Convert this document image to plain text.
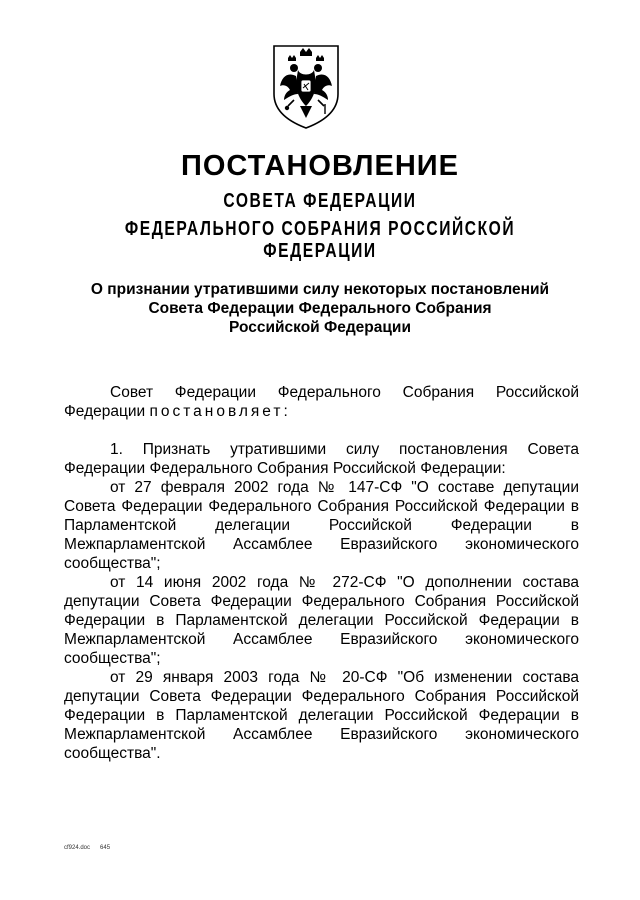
ПОСТАНОВЛЕНИЕ
СОВЕТА ФЕДЕРАЦИИ
ФЕДЕРАЛЬНОГО СОБРАНИЯ РОССИЙСКОЙ ФЕДЕРАЦИИ
О признании утратившими силу некоторых постановлений
Совета Федерации Федерального Собрания
Российской Федерации

Совет Федерации Федерального Собрания Российской Федерации постановляет:

1. Признать утратившими силу постановления Совета Федерации Федерального Собрания Российской Федерации:

от 27 февраля 2002 года № 147-СФ "О составе депутации Совета Федерации Федерального Собрания Российской Федерации в Парламентской делегации Российской Федерации в Межпарламентской Ассамблее Евразийского экономического сообщества";

от 14 июня 2002 года № 272-СФ "О дополнении состава депутации Совета Федерации Федерального Собрания Российской Федерации в Парламентской делегации Российской Федерации в Межпарламентской Ассамблее Евразийского экономического сообщества";

от 29 января 2003 года № 20-СФ "Об изменении состава депутации Совета Федерации Федерального Собрания Российской Федерации в Парламентской делегации Российской Федерации в Межпарламентской Ассамблее Евразийского экономического сообщества".

cf924.doc 645
